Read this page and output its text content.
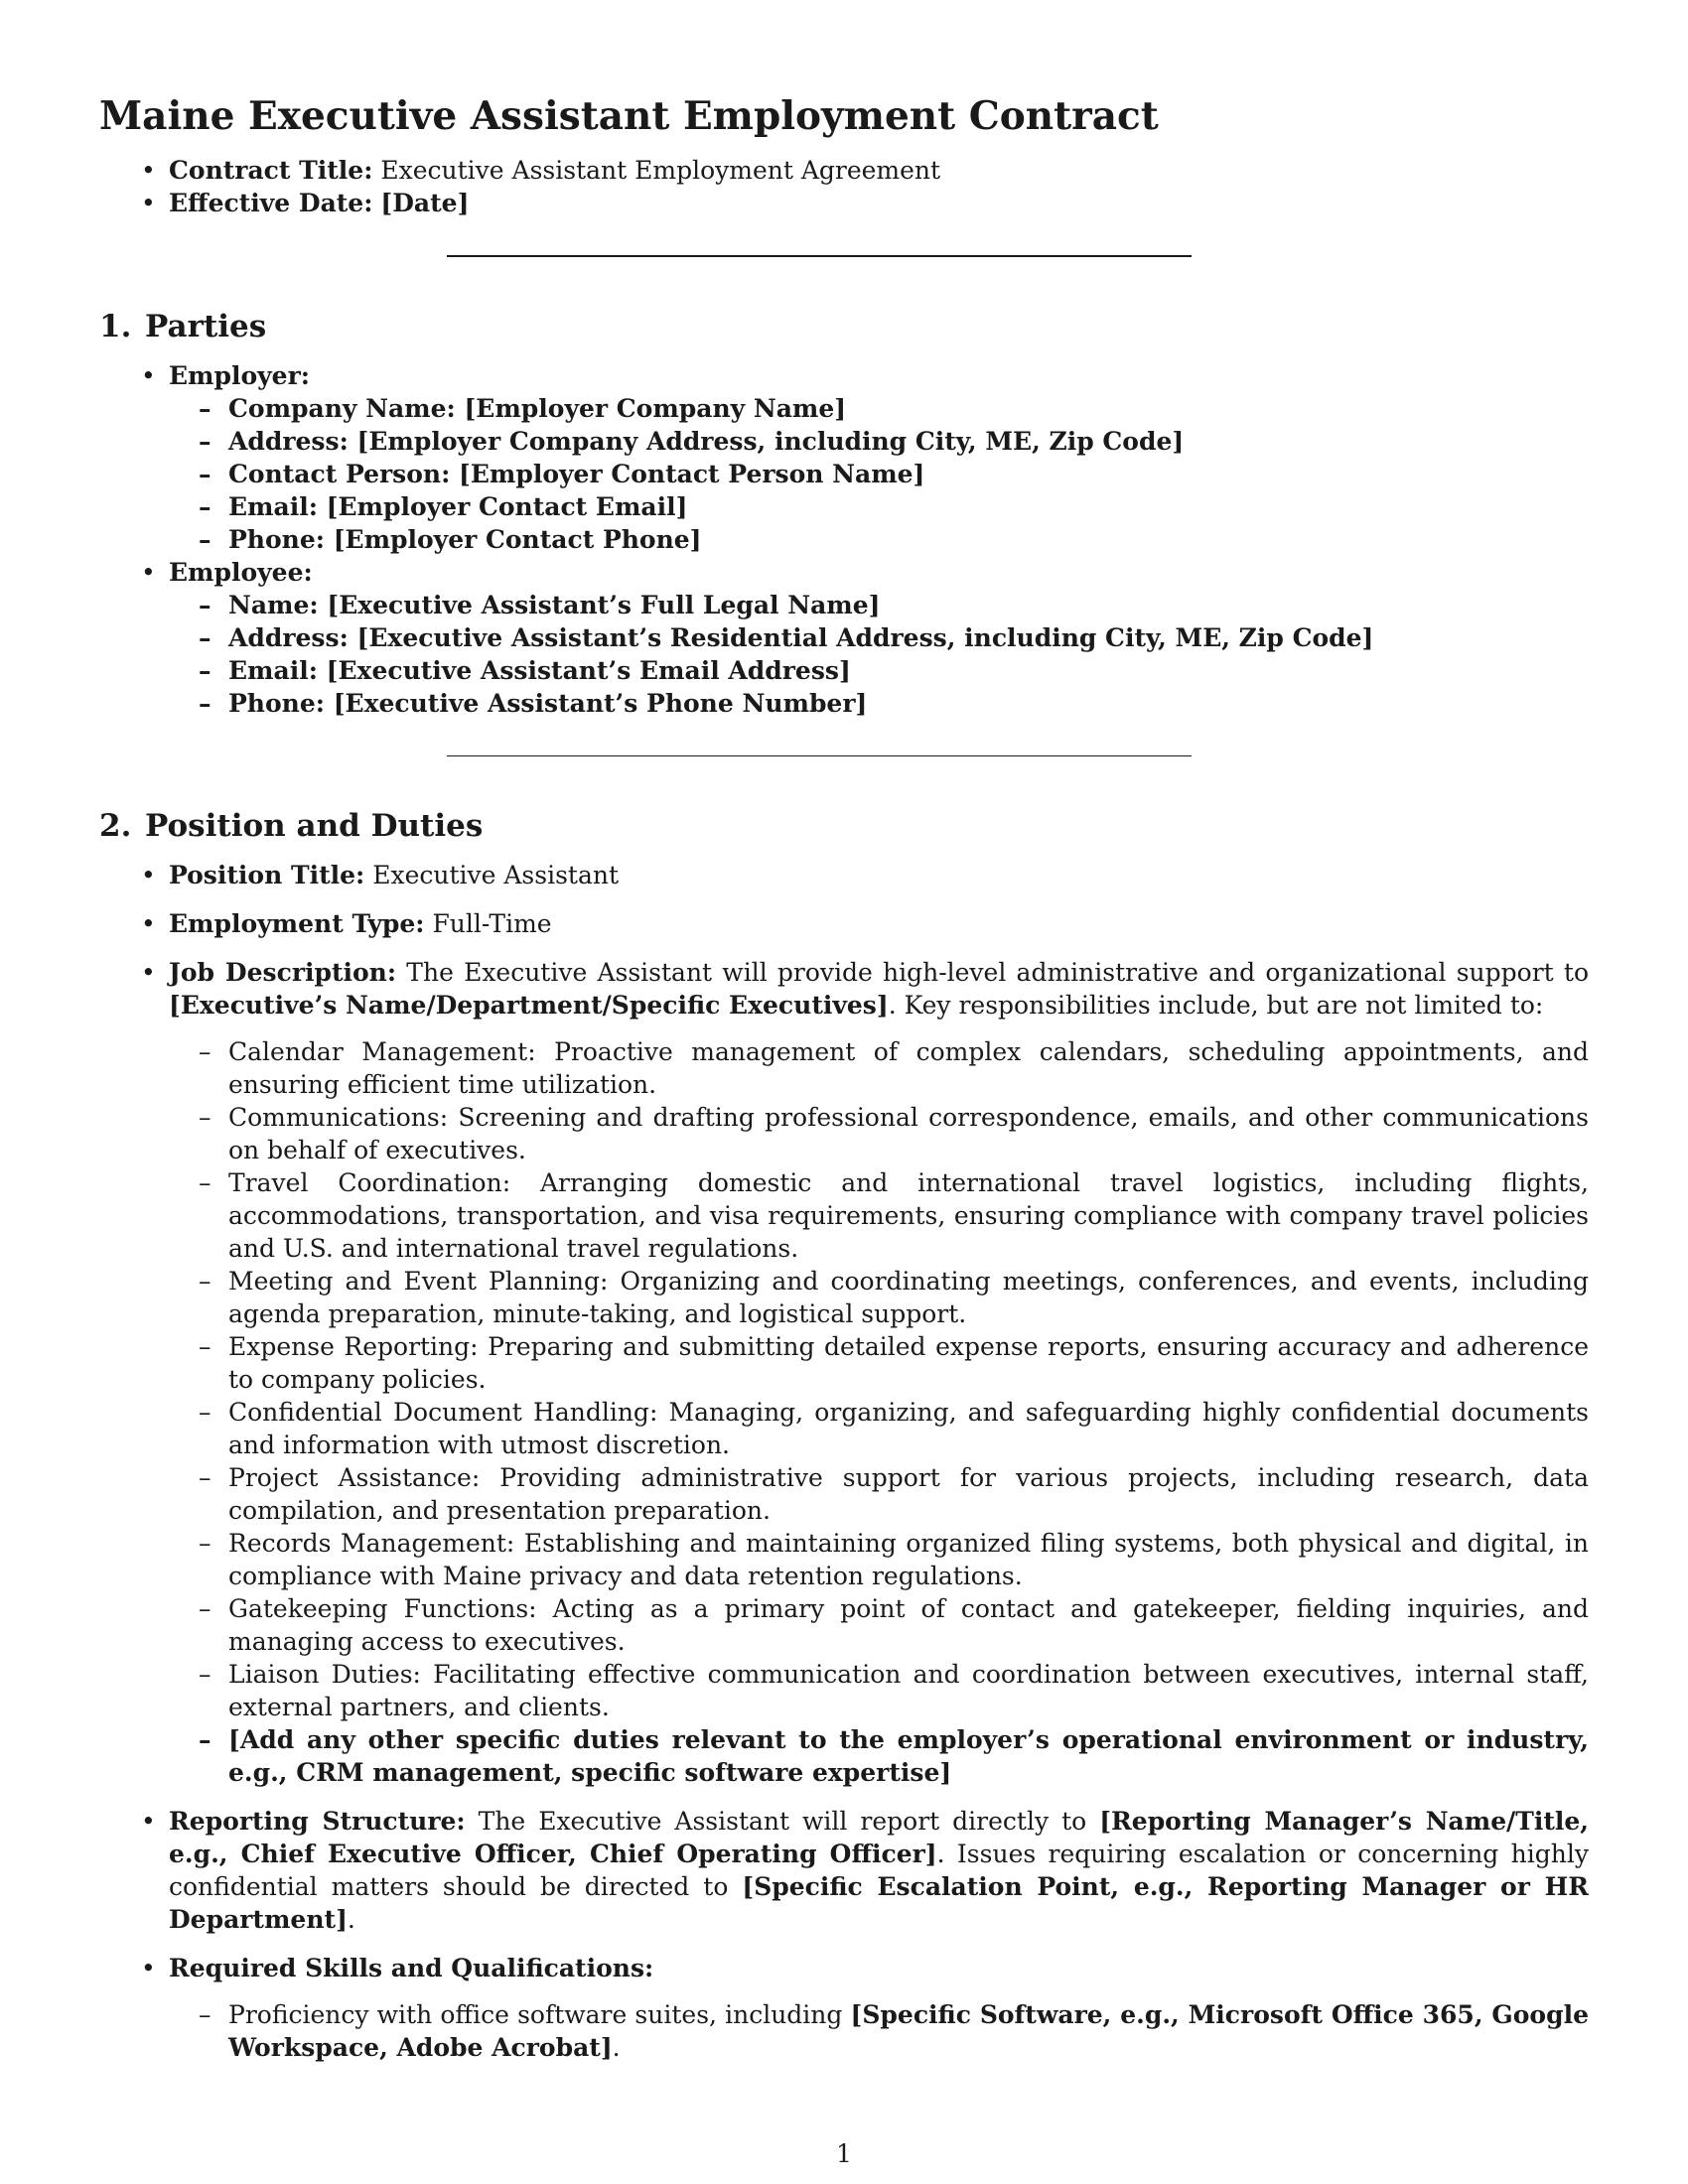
Maine Executive Assistant Employment Contract
• Contract Title: Executive Assistant Employment Agreement
• Effective Date: [Date]
1. Parties
• Employer:
– Company Name: [Employer Company Name]
– Address: [Employer Company Address, including City, ME, Zip Code]
– Contact Person: [Employer Contact Person Name]
– Email: [Employer Contact Email]
– Phone: [Employer Contact Phone]
• Employee:
– Name: [Executive Assistant’s Full Legal Name]
– Address: [Executive Assistant’s Residential Address, including City, ME, Zip Code]
– Email: [Executive Assistant’s Email Address]
– Phone: [Executive Assistant’s Phone Number]
2. Position and Duties
• Position Title: Executive Assistant
• Employment Type: Full-Time
• Job Description: The Executive Assistant will provide high-level administrative and organizational support to [Executive’s Name/Department/Specific Executives]. Key responsibilities include, but are not limited to:
– Calendar Management: Proactive management of complex calendars, scheduling appointments, and ensuring efficient time utilization.
– Communications: Screening and drafting professional correspondence, emails, and other communications on behalf of executives.
– Travel Coordination: Arranging domestic and international travel logistics, including flights, accommodations, transportation, and visa requirements, ensuring compliance with company travel policies and U.S. and international travel regulations.
– Meeting and Event Planning: Organizing and coordinating meetings, conferences, and events, including agenda preparation, minute-taking, and logistical support.
– Expense Reporting: Preparing and submitting detailed expense reports, ensuring accuracy and adherence to company policies.
– Confidential Document Handling: Managing, organizing, and safeguarding highly confidential documents and information with utmost discretion.
– Project Assistance: Providing administrative support for various projects, including research, data compilation, and presentation preparation.
– Records Management: Establishing and maintaining organized filing systems, both physical and digital, in compliance with Maine privacy and data retention regulations.
– Gatekeeping Functions: Acting as a primary point of contact and gatekeeper, fielding inquiries, and managing access to executives.
– Liaison Duties: Facilitating effective communication and coordination between executives, internal staff, external partners, and clients.
– [Add any other specific duties relevant to the employer’s operational environment or industry, e.g., CRM management, specific software expertise]
• Reporting Structure: The Executive Assistant will report directly to [Reporting Manager’s Name/Title, e.g., Chief Executive Officer, Chief Operating Officer]. Issues requiring escalation or concerning highly confidential matters should be directed to [Specific Escalation Point, e.g., Reporting Manager or HR Department].
• Required Skills and Qualifications:
– Proficiency with office software suites, including [Specific Software, e.g., Microsoft Office 365, Google Workspace, Adobe Acrobat].
1
